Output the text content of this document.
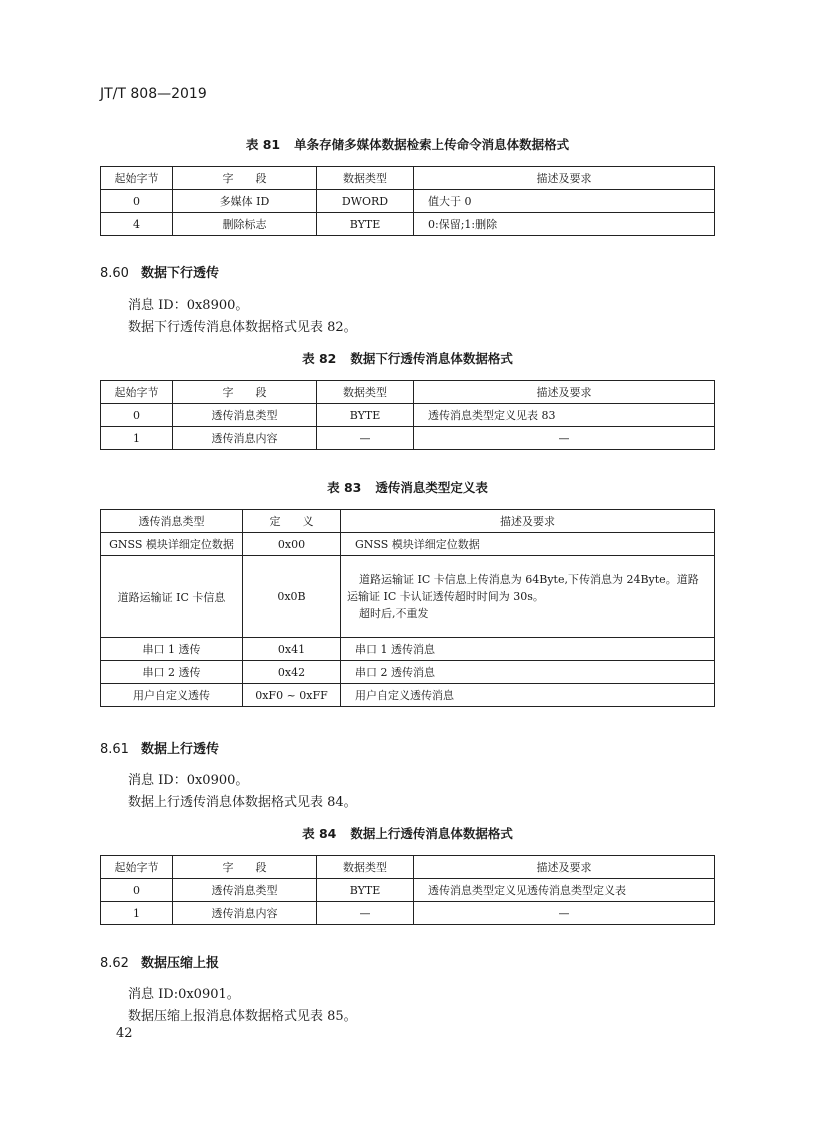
JT/T 808—2019
表 81 单条存储多媒体数据检索上传命令消息体数据格式
起始字节	字　　段	数据类型	描述及要求
0	多媒体 ID	DWORD	值大于 0
4	删除标志	BYTE	0:保留;1:删除
8.60 数据下行透传
消息 ID：0x8900。
数据下行透传消息体数据格式见表 82。
表 82 数据下行透传消息体数据格式
起始字节	字　　段	数据类型	描述及要求
0	透传消息类型	BYTE	透传消息类型定义见表 83
1	透传消息内容	—	—
表 83 透传消息类型定义表
透传消息类型	定　　义	描述及要求
GNSS 模块详细定位数据	0x00	GNSS 模块详细定位数据
道路运输证 IC 卡信息	0x0B	道路运输证 IC 卡信息上传消息为 64Byte,下传消息为 24Byte。道路运输证 IC 卡认证透传超时时间为 30s。
超时后,不重发

串口 1 透传	0x41	串口 1 透传消息
串口 2 透传	0x42	串口 2 透传消息
用户自定义透传	0xF0 ~ 0xFF	用户自定义透传消息
8.61 数据上行透传
消息 ID：0x0900。
数据上行透传消息体数据格式见表 84。
表 84 数据上行透传消息体数据格式
起始字节	字　　段	数据类型	描述及要求
0	透传消息类型	BYTE	透传消息类型定义见透传消息类型定义表
1	透传消息内容	—	—
8.62 数据压缩上报
消息 ID:0x0901。
数据压缩上报消息体数据格式见表 85。
42
